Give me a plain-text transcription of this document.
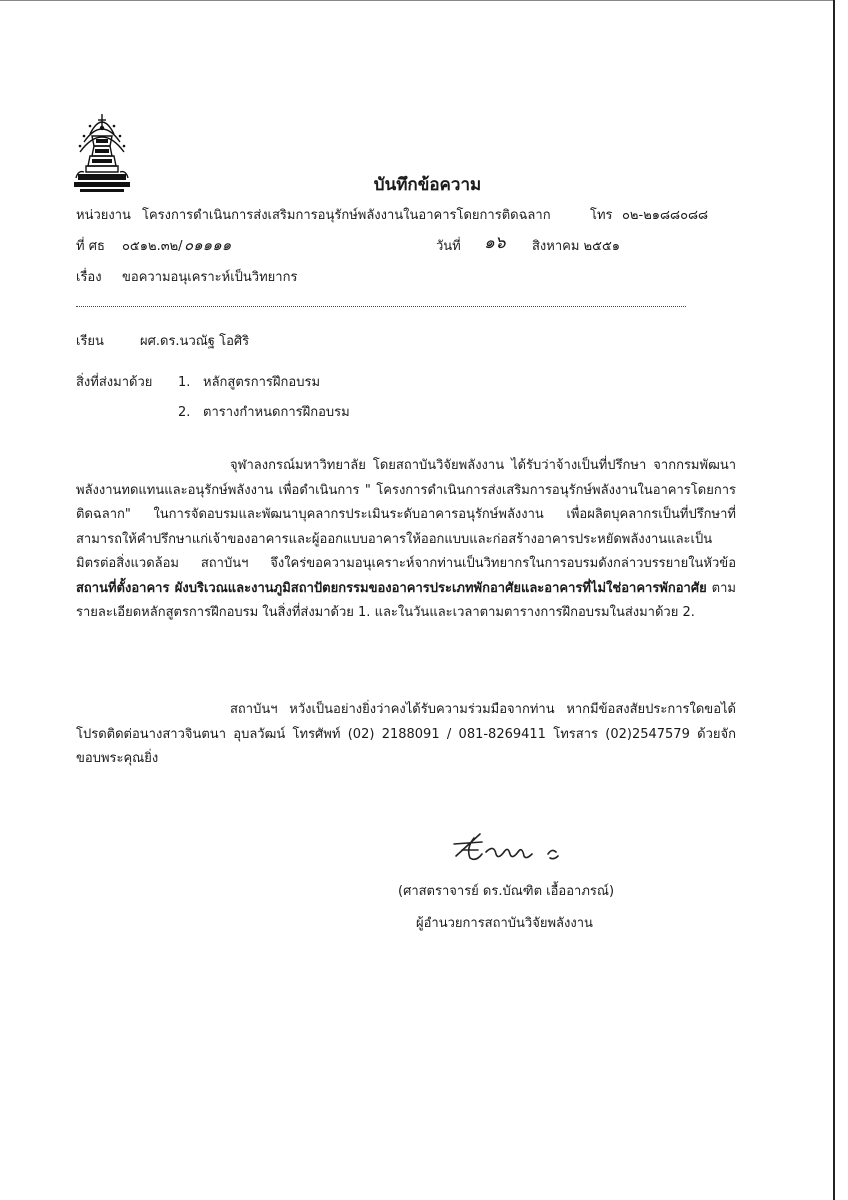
บันทึกข้อความ
หน่วยงาน โครงการดำเนินการส่งเสริมการอนุรักษ์พลังงานในอาคารโดยการติดฉลาก	โทร ๐๒-๒๑๘๘๐๘๘
ที่ ศธ ๐๕๑๒.๓๒/ ๐๑๑๑๑	วันที่ ๑๖ สิงหาคม ๒๕๕๑
เรื่อง ขอความอนุเคราะห์เป็นวิทยากร
เรียน	ผศ.ดร.นวณัฐ โอศิริ
สิ่งที่ส่งมาด้วย 1. หลักสูตรการฝึกอบรม
2. ตารางกำหนดการฝึกอบรม

จุฬาลงกรณ์มหาวิทยาลัย โดยสถาบันวิจัยพลังงาน ได้รับว่าจ้างเป็นที่ปรึกษา จากกรมพัฒนาพลังงานทดแทนและอนุรักษ์พลังงาน เพื่อดำเนินการ " โครงการดำเนินการส่งเสริมการอนุรักษ์พลังงานในอาคารโดยการติดฉลาก" ในการจัดอบรมและพัฒนาบุคลากรประเมินระดับอาคารอนุรักษ์พลังงาน เพื่อผลิตบุคลากรเป็นที่ปรึกษาที่สามารถให้คำปรึกษาแก่เจ้าของอาคารและผู้ออกแบบอาคารให้ออกแบบและก่อสร้างอาคารประหยัดพลังงานและเป็นมิตรต่อสิ่งแวดล้อม สถาบันฯ จึงใคร่ขอความอนุเคราะห์จากท่านเป็นวิทยากรในการอบรมดังกล่าวบรรยายในหัวข้อ สถานที่ตั้งอาคาร ผังบริเวณและงานภูมิสถาปัตยกรรมของอาคารประเภทพักอาศัยและอาคารที่ไม่ใช่อาคารพักอาศัย ตามรายละเอียดหลักสูตรการฝึกอบรม ในสิ่งที่ส่งมาด้วย 1. และในวันและเวลาตามตารางการฝึกอบรมในส่งมาด้วย 2.

สถาบันฯ หวังเป็นอย่างยิ่งว่าคงได้รับความร่วมมือจากท่าน หากมีข้อสงสัยประการใดขอได้โปรดติดต่อนางสาวจินตนา อุบลวัฒน์ โทรศัพท์ (02) 2188091 / 081-8269411 โทรสาร (02)2547579 ด้วยจักขอบพระคุณยิ่ง

(ศาสตราจารย์ ดร.บัณฑิต เอื้ออาภรณ์)
ผู้อำนวยการสถาบันวิจัยพลังงาน
